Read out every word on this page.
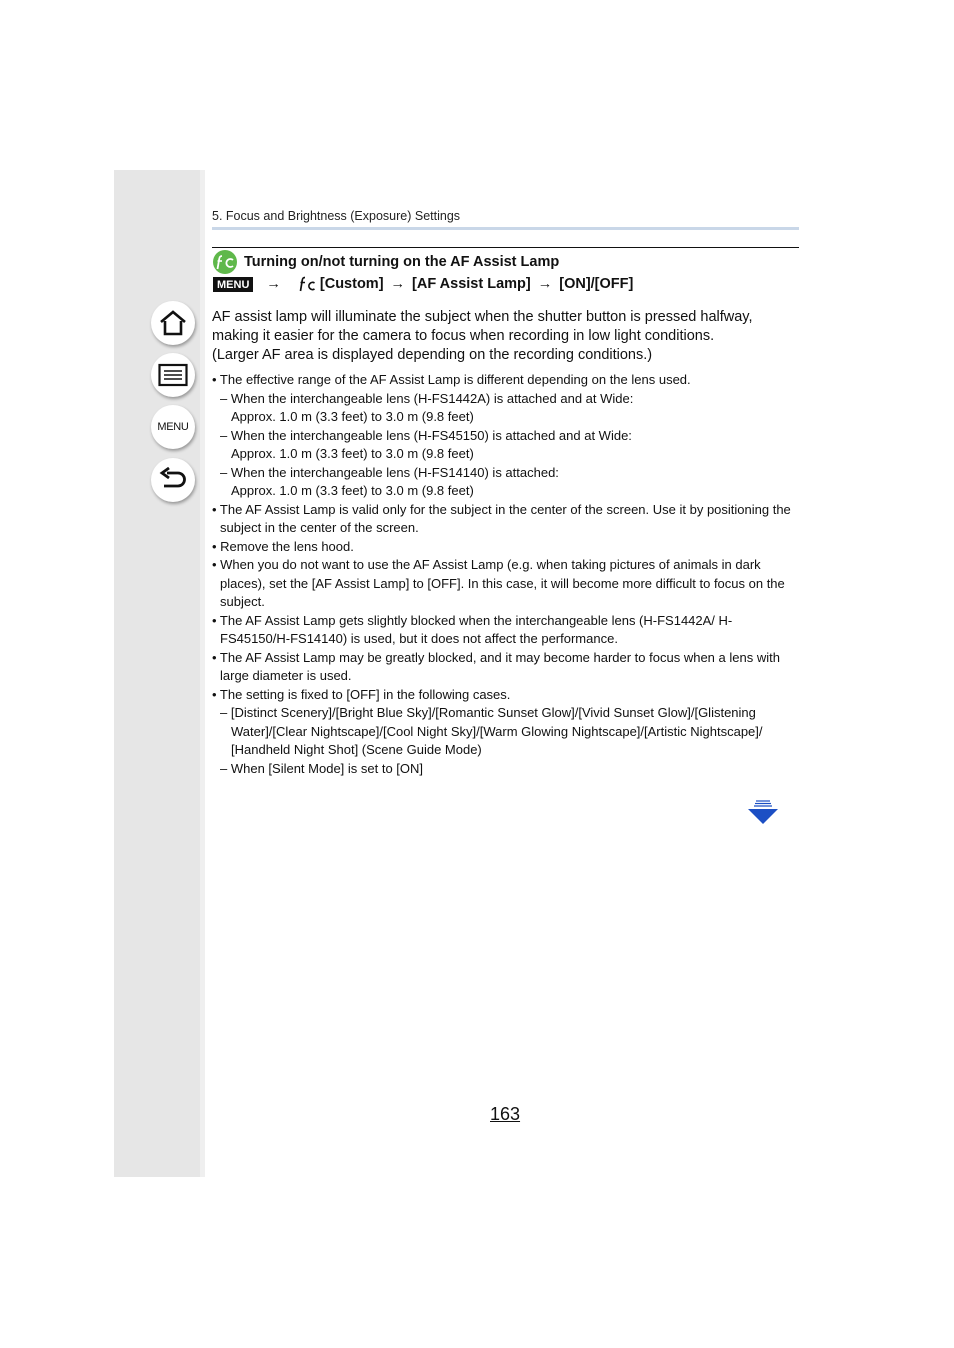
MENU
5. Focus and Brightness (Exposure) Settings
Turning on/not turning on the AF Assist Lamp
MENU →	[Custom] → [AF Assist Lamp] → [ON]/[OFF]

AF assist lamp will illuminate the subject when the shutter button is pressed halfway, making it easier for the camera to focus when recording in low light conditions.

(Larger AF area is displayed depending on the recording conditions.)

• The effective range of the AF Assist Lamp is different depending on the lens used.
– When the interchangeable lens (H-FS1442A) is attached and at Wide:
Approx. 1.0 m (3.3 feet) to 3.0 m (9.8 feet)
– When the interchangeable lens (H-FS45150) is attached and at Wide:
Approx. 1.0 m (3.3 feet) to 3.0 m (9.8 feet)
– When the interchangeable lens (H-FS14140) is attached:
Approx. 1.0 m (3.3 feet) to 3.0 m (9.8 feet)
• The AF Assist Lamp is valid only for the subject in the center of the screen. Use it by positioning the subject in the center of the screen.
• Remove the lens hood.
• When you do not want to use the AF Assist Lamp (e.g. when taking pictures of animals in dark places), set the [AF Assist Lamp] to [OFF]. In this case, it will become more difficult to focus on the subject.
• The AF Assist Lamp gets slightly blocked when the interchangeable lens (H-FS1442A/ H-FS45150/H-FS14140) is used, but it does not affect the performance.
• The AF Assist Lamp may be greatly blocked, and it may become harder to focus when a lens with large diameter is used.
• The setting is fixed to [OFF] in the following cases.
– [Distinct Scenery]/[Bright Blue Sky]/[Romantic Sunset Glow]/[Vivid Sunset Glow]/[Glistening Water]/[Clear Nightscape]/[Cool Night Sky]/[Warm Glowing Nightscape]/[Artistic Nightscape]/ [Handheld Night Shot] (Scene Guide Mode)
– When [Silent Mode] is set to [ON]
163
